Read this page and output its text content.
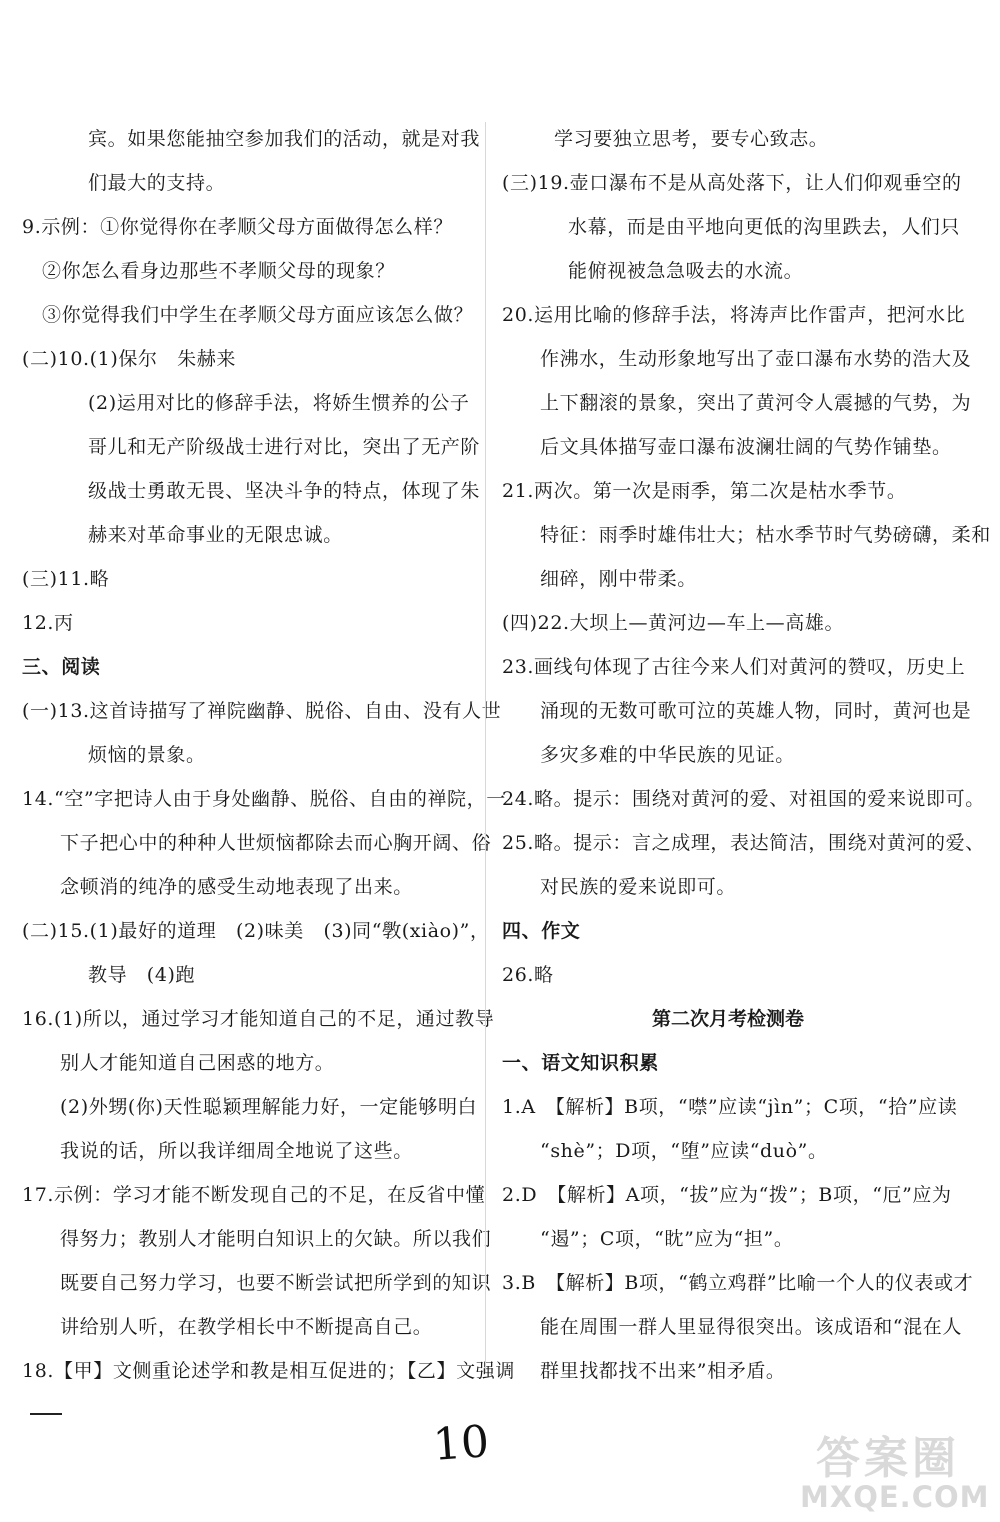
宾。如果您能抽空参加我们的活动，就是对我
们最大的支持。
9.示例：①你觉得你在孝顺父母方面做得怎么样？
②你怎么看身边那些不孝顺父母的现象？
③你觉得我们中学生在孝顺父母方面应该怎么做？
(二)10.(1)保尔　朱赫来
(2)运用对比的修辞手法，将娇生惯养的公子
哥儿和无产阶级战士进行对比，突出了无产阶
级战士勇敢无畏、坚决斗争的特点，体现了朱
赫来对革命事业的无限忠诚。
(三)11.略
12.丙
三、阅读
(一)13.这首诗描写了禅院幽静、脱俗、自由、没有人世
烦恼的景象。
14.“空”字把诗人由于身处幽静、脱俗、自由的禅院，一
下子把心中的种种人世烦恼都除去而心胸开阔、俗
念顿消的纯净的感受生动地表现了出来。
(二)15.(1)最好的道理　(2)味美　(3)同“斆(xiào)”，
教导　(4)跑
16.(1)所以，通过学习才能知道自己的不足，通过教导
别人才能知道自己困惑的地方。
(2)外甥(你)天性聪颖理解能力好，一定能够明白
我说的话，所以我详细周全地说了这些。
17.示例：学习才能不断发现自己的不足，在反省中懂
得努力；教别人才能明白知识上的欠缺。所以我们
既要自己努力学习，也要不断尝试把所学到的知识
讲给别人听，在教学相长中不断提高自己。
18.【甲】文侧重论述学和教是相互促进的；【乙】文强调
学习要独立思考，要专心致志。
(三)19.壶口瀑布不是从高处落下，让人们仰观垂空的
水幕，而是由平地向更低的沟里跌去，人们只
能俯视被急急吸去的水流。
20.运用比喻的修辞手法，将涛声比作雷声，把河水比
作沸水，生动形象地写出了壶口瀑布水势的浩大及
上下翻滚的景象，突出了黄河令人震撼的气势，为
后文具体描写壶口瀑布波澜壮阔的气势作铺垫。
21.两次。第一次是雨季，第二次是枯水季节。
特征：雨季时雄伟壮大；枯水季节时气势磅礴，柔和
细碎，刚中带柔。
(四)22.大坝上—黄河边—车上—高雄。
23.画线句体现了古往今来人们对黄河的赞叹，历史上
涌现的无数可歌可泣的英雄人物，同时，黄河也是
多灾多难的中华民族的见证。
24.略。提示：围绕对黄河的爱、对祖国的爱来说即可。
25.略。提示：言之成理，表达简洁，围绕对黄河的爱、
对民族的爱来说即可。
四、作文
26.略
第二次月考检测卷
一、语文知识积累
1.A　【解析】B项，“噤”应读“jìn”；C项，“拾”应读
“shè”；D项，“堕”应读“duò”。
2.D　【解析】A项，“拔”应为“拨”；B项，“厄”应为
“遏”；C项，“眈”应为“担”。
3.B　【解析】B项，“鹤立鸡群”比喻一个人的仪表或才
能在周围一群人里显得很突出。该成语和“混在人
群里找都找不出来”相矛盾。
10	答案圈
MXQE.COM
